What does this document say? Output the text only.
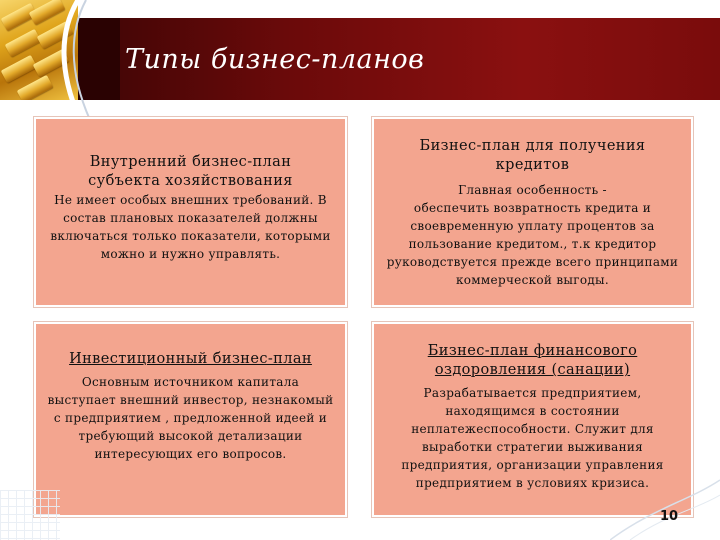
Типы бизнес-планов
Внутренний бизнес-план
субъекта хозяйствования
Не имеет особых внешних требований. В состав плановых показателей должны включаться только показатели, которыми можно и нужно управлять.
Бизнес-план для получения кредитов
Главная особенность -
обеспечить возвратность кредита и своевременную уплату процентов за пользование кредитом., т.к кредитор руководствуется прежде всего принципами коммерческой выгоды.
Инвестиционный бизнес-план
Основным источником капитала выступает внешний инвестор, незнакомый с предприятием , предложенной идеей и требующий высокой детализации интересующих его вопросов.
Бизнес-план финансового
оздоровления (санации)
Разрабатывается предприятием, находящимся в состоянии неплатежеспособности. Служит для выработки стратегии выживания предприятия, организации управления предприятием в условиях кризиса.
10
